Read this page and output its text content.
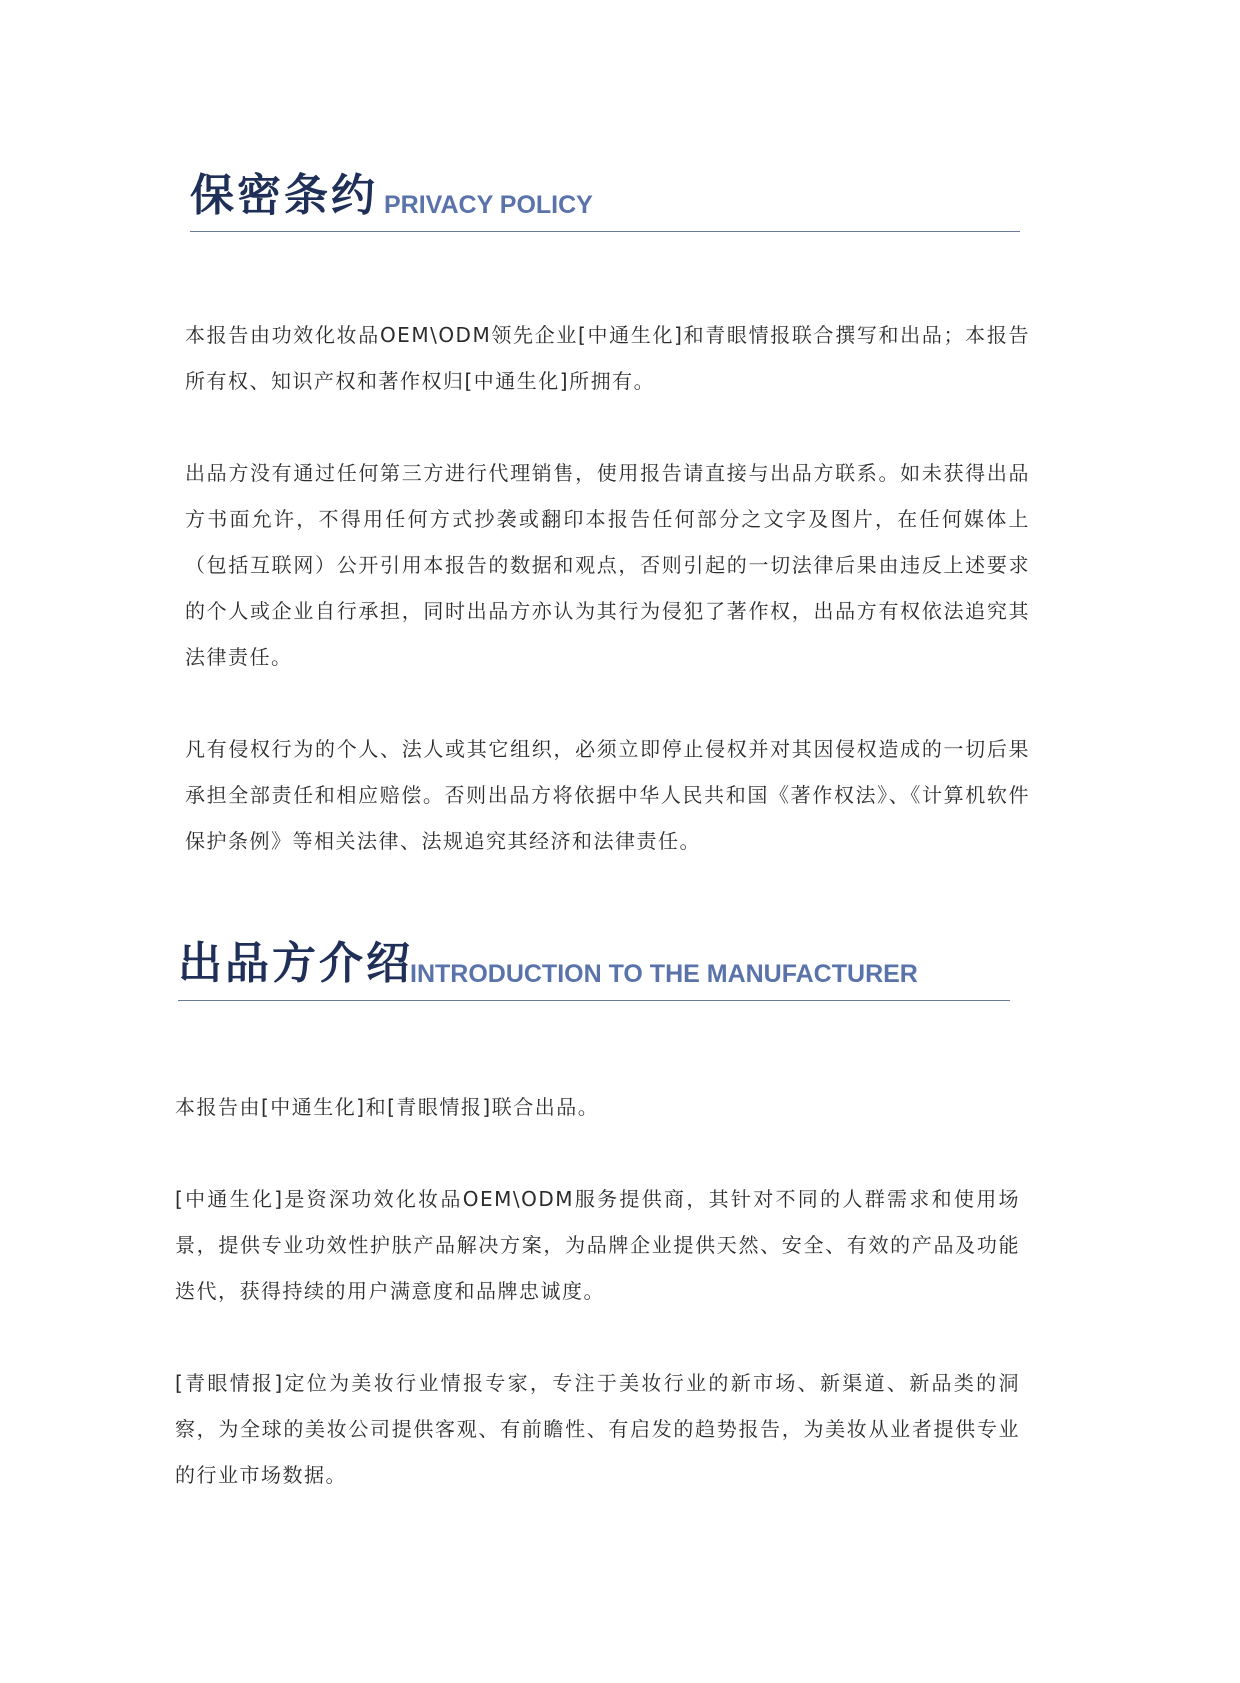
保密条约 PRIVACY POLICY

本报告由功效化妆品OEM\ODM领先企业[中通生化]和青眼情报联合撰写和出品；本报告所有权、知识产权和著作权归[中通生化]所拥有。

出品方没有通过任何第三方进行代理销售，使用报告请直接与出品方联系。如未获得出品方书面允许，不得用任何方式抄袭或翻印本报告任何部分之文字及图片，在任何媒体上（包括互联网）公开引用本报告的数据和观点，否则引起的一切法律后果由违反上述要求的个人或企业自行承担，同时出品方亦认为其行为侵犯了著作权，出品方有权依法追究其法律责任。

凡有侵权行为的个人、法人或其它组织，必须立即停止侵权并对其因侵权造成的一切后果承担全部责任和相应赔偿。否则出品方将依据中华人民共和国《著作权法》、《计算机软件保护条例》等相关法律、法规追究其经济和法律责任。

出品方介绍
INTRODUCTION TO THE MANUFACTURER

本报告由[中通生化]和[青眼情报]联合出品。

[中通生化]是资深功效化妆品OEM\ODM服务提供商，其针对不同的人群需求和使用场景，提供专业功效性护肤产品解决方案，为品牌企业提供天然、安全、有效的产品及功能迭代，获得持续的用户满意度和品牌忠诚度。

[青眼情报]定位为美妆行业情报专家，专注于美妆行业的新市场、新渠道、新品类的洞察，为全球的美妆公司提供客观、有前瞻性、有启发的趋势报告，为美妆从业者提供专业的行业市场数据。
